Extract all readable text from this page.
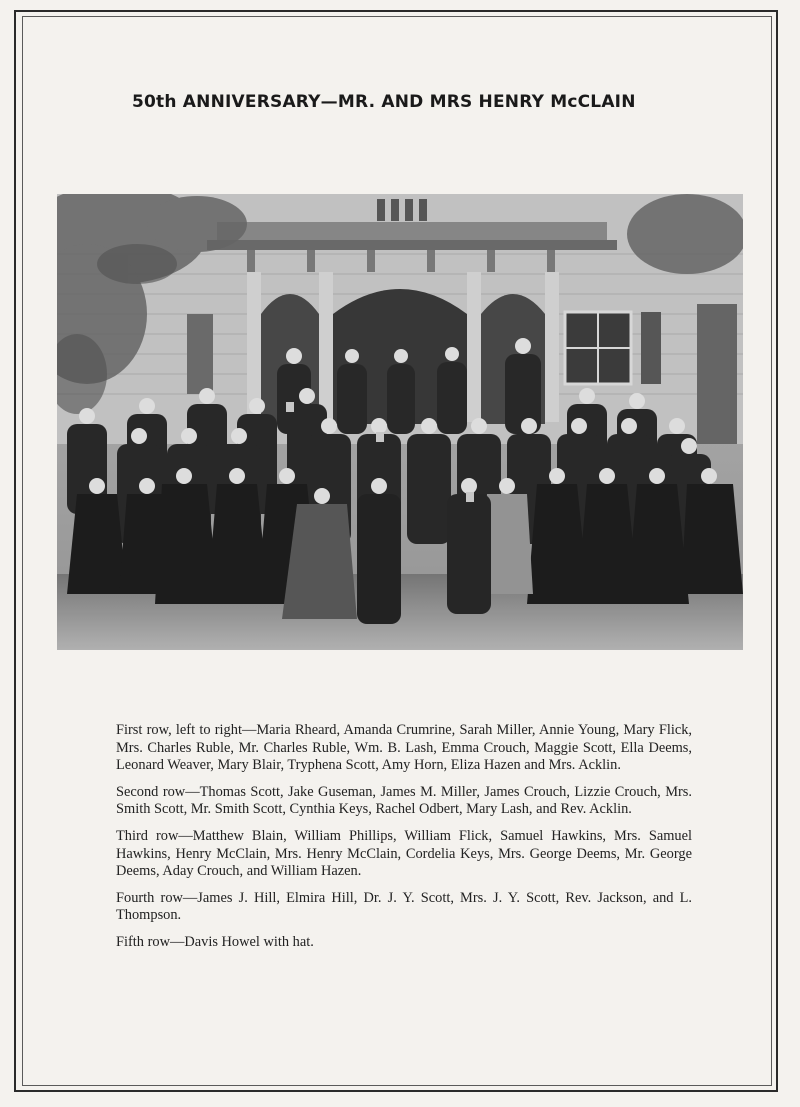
50th ANNIVERSARY—MR. AND MRS HENRY McCLAIN

First row, left to right—Maria Rheard, Amanda Crumrine, Sarah Miller, Annie Young, Mary Flick, Mrs. Charles Ruble, Mr. Charles Ruble, Wm. B. Lash, Emma Crouch, Maggie Scott, Ella Deems, Leonard Weaver, Mary Blair, Tryphena Scott, Amy Horn, Eliza Hazen and Mrs. Acklin.

Second row—Thomas Scott, Jake Guseman, James M. Miller, James Crouch, Lizzie Crouch, Mrs. Smith Scott, Mr. Smith Scott, Cynthia Keys, Rachel Odbert, Mary Lash, and Rev. Acklin.

Third row—Matthew Blain, William Phillips, William Flick, Samuel Hawkins, Mrs. Samuel Hawkins, Henry McClain, Mrs. Henry McClain, Cordelia Keys, Mrs. George Deems, Mr. George Deems, Aday Crouch, and William Hazen.

Fourth row—James J. Hill, Elmira Hill, Dr. J. Y. Scott, Mrs. J. Y. Scott, Rev. Jackson, and L. Thompson.

Fifth row—Davis Howel with hat.
